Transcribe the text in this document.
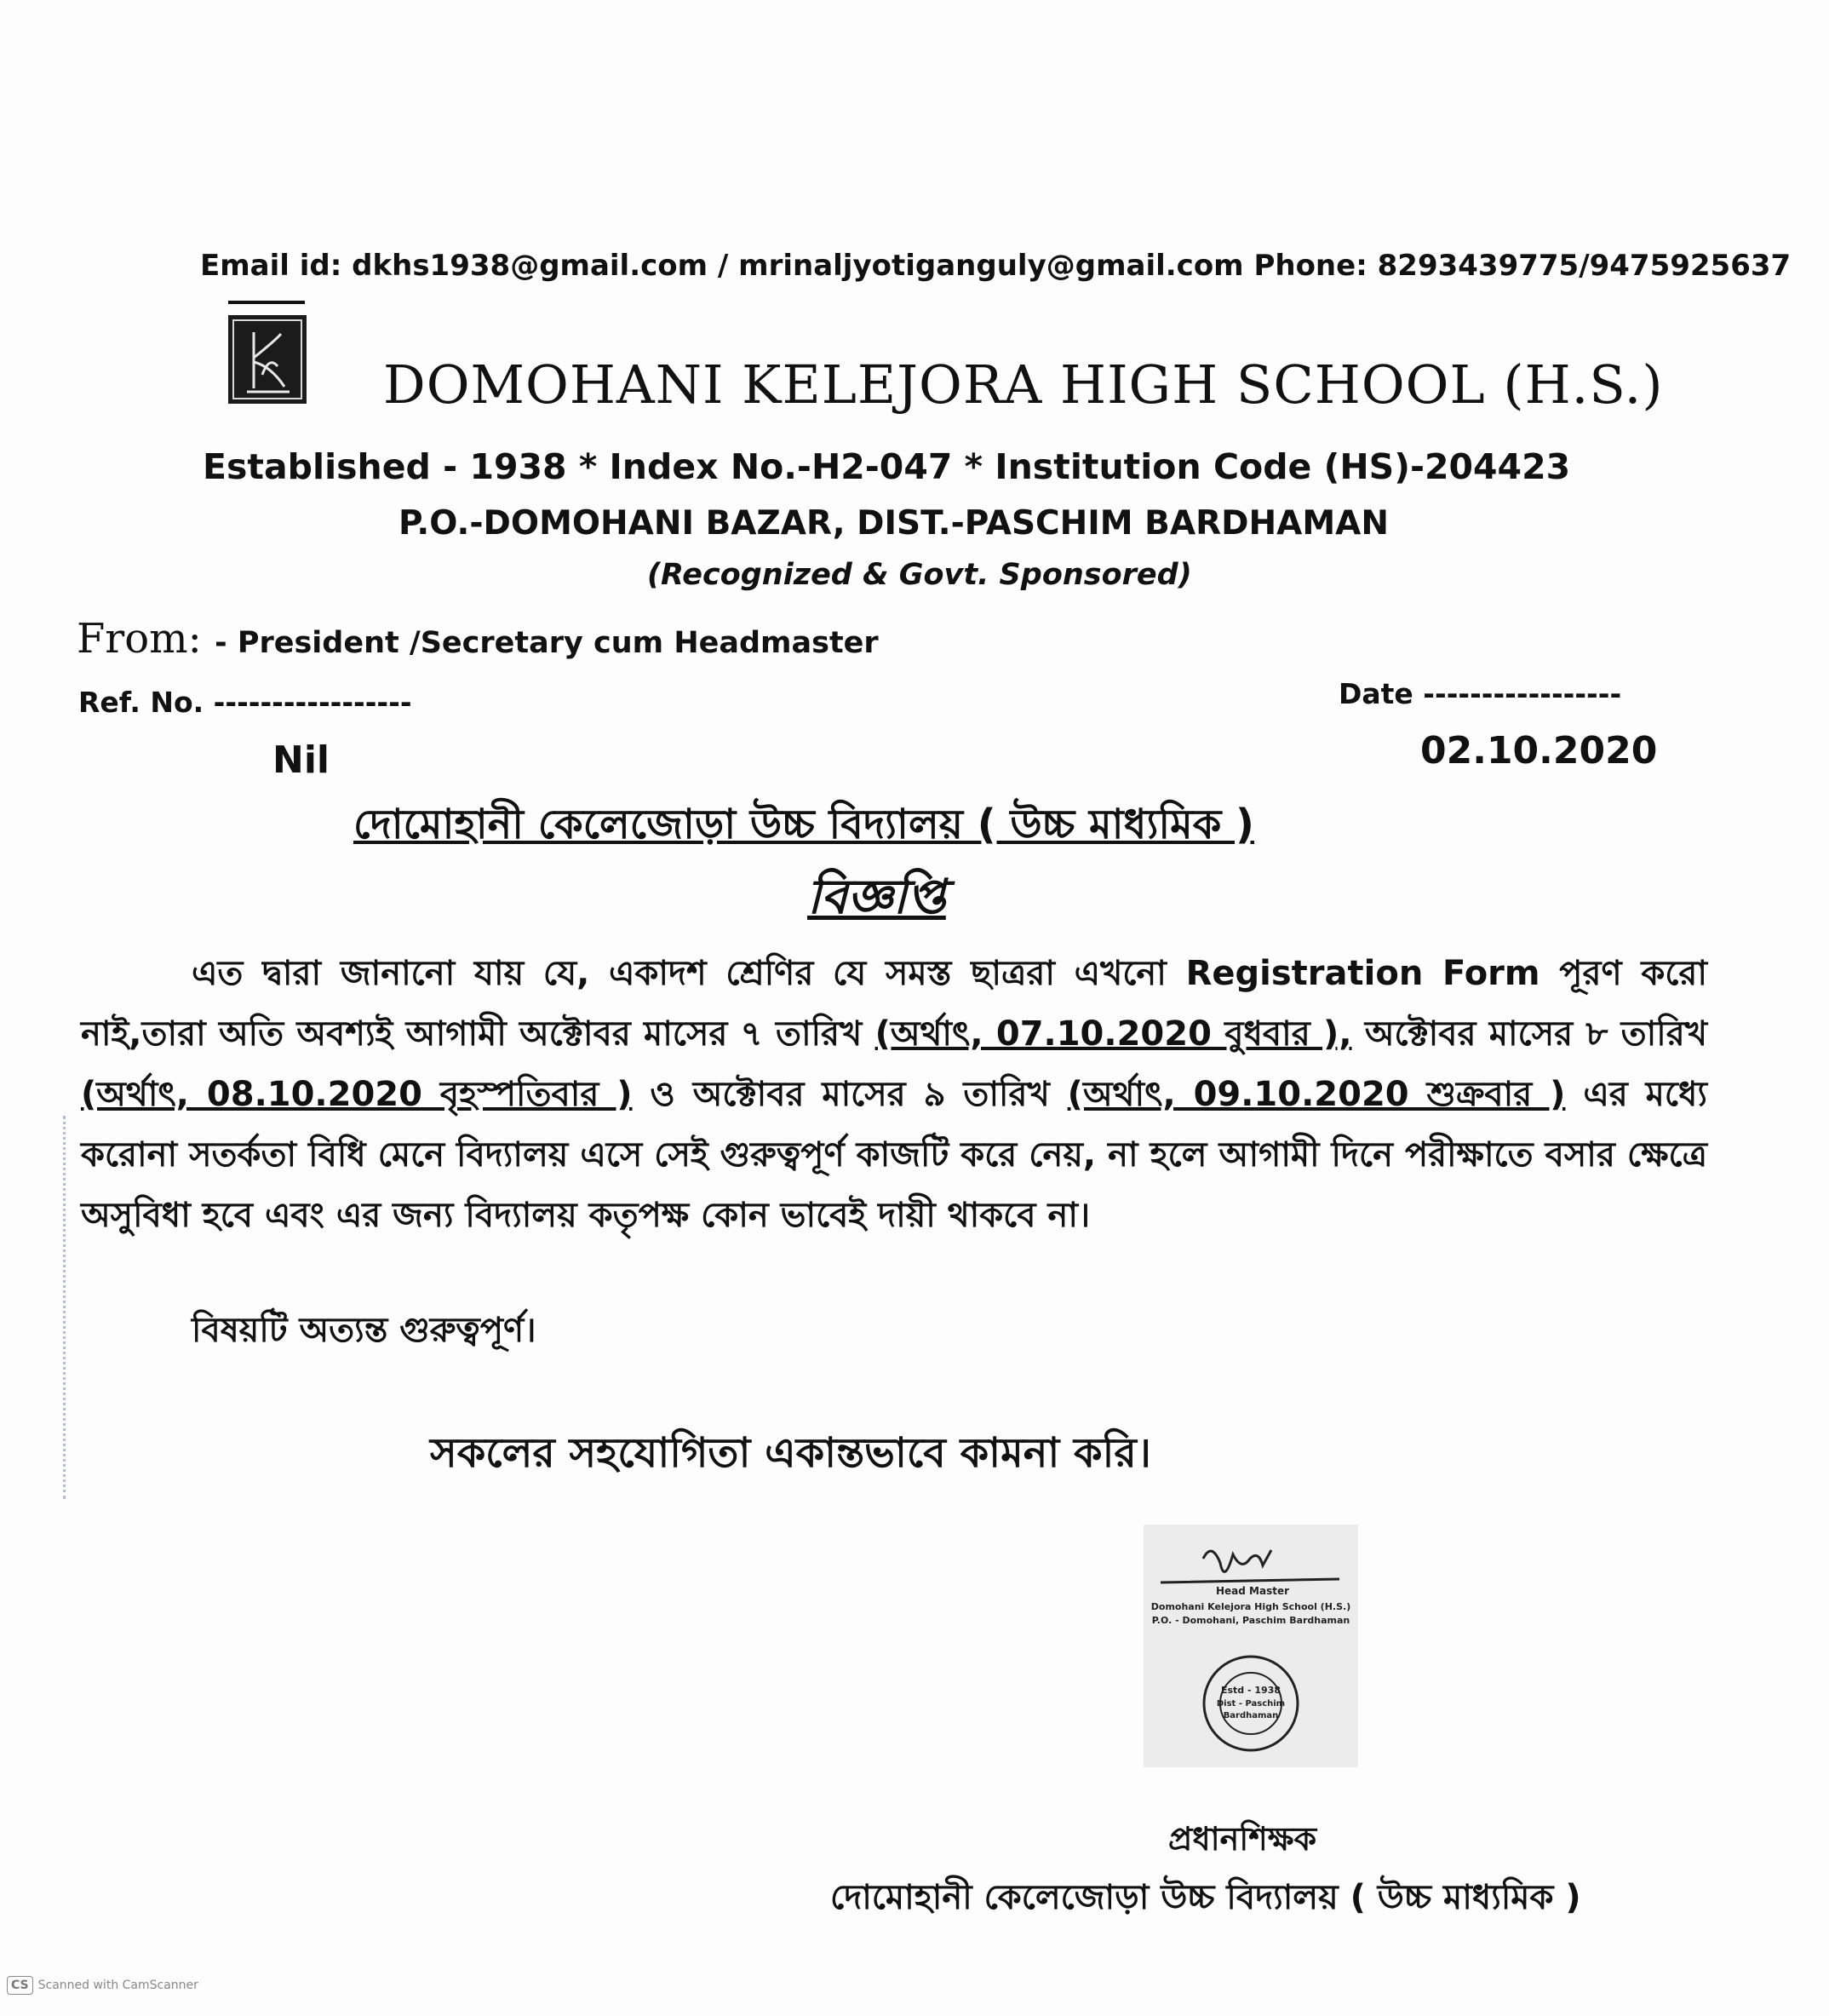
Email id: dkhs1938@gmail.com / mrinaljyotiganguly@gmail.com Phone: 8293439775/9475925637
DOMOHANI KELEJORA HIGH SCHOOL (H.S.)
Established - 1938 * Index No.-H2-047 * Institution Code (HS)-204423
P.O.-DOMOHANI BAZAR, DIST.-PASCHIM BARDHAMAN
(Recognized & Govt. Sponsored)
From: - President /Secretary cum Headmaster
Ref. No. -----------------	Date -----------------
Nil	02.10.2020
দোমোহানী কেলেজোড়া উচ্চ বিদ্যালয় ( উচ্চ মাধ্যমিক )
বিজ্ঞপ্তি
এত দ্বারা জানানো যায় যে, একাদশ শ্রেণির যে সমস্ত ছাত্ররা এখনো Registration Form পূরণ করো নাই,তারা অতি অবশ্যই আগামী অক্টোবর মাসের ৭ তারিখ (অর্থাৎ, 07.10.2020 বুধবার ), অক্টোবর মাসের ৮ তারিখ (অর্থাৎ, 08.10.2020 বৃহস্পতিবার ) ও অক্টোবর মাসের ৯ তারিখ (অর্থাৎ, 09.10.2020 শুক্রবার ) এর মধ্যে করোনা সতর্কতা বিধি মেনে বিদ্যালয় এসে সেই গুরুত্বপূর্ণ কাজটি করে নেয়, না হলে আগামী দিনে পরীক্ষাতে বসার ক্ষেত্রে অসুবিধা হবে এবং এর জন্য বিদ্যালয় কতৃপক্ষ কোন ভাবেই দায়ী থাকবে না।
বিষয়টি অত্যন্ত গুরুত্বপূর্ণ।
সকলের সহযোগিতা একান্তভাবে কামনা করি।
Head Master
Domohani Kelejora High School (H.S.)
P.O. - Domohani, Paschim Bardhaman
Estd - 1938
Dist - Paschim
Bardhaman
প্রধানশিক্ষক
দোমোহানী কেলেজোড়া উচ্চ বিদ্যালয় ( উচ্চ মাধ্যমিক )
CS Scanned with CamScanner
